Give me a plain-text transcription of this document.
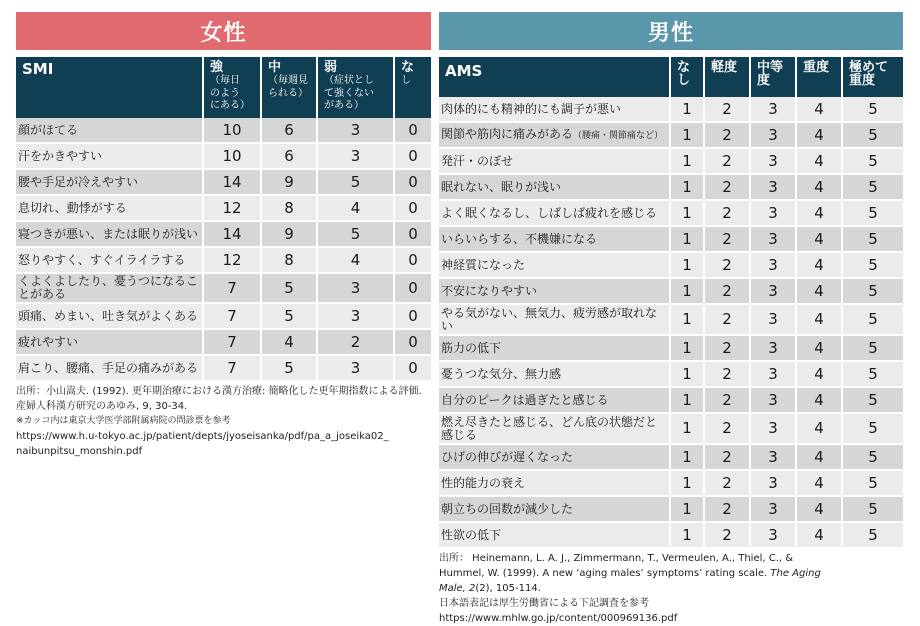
女性
SMI	強
（毎日
のよう
にある）	中
（毎週見
られる）	弱
（症状とし
て強くない
がある）	な
し

顔がほてる	10	6	3	0
汗をかきやすい	10	6	3	0
腰や手足が冷えやすい	14	9	5	0
息切れ、動悸がする	12	8	4	0
寝つきが悪い、または眠りが浅い	14	9	5	0
怒りやすく、すぐイライラする	12	8	4	0
くよくよしたり、憂うつになることがある	7	5	3	0
頭痛、めまい、吐き気がよくある	7	5	3	0
疲れやすい	7	4	2	0
肩こり、腰痛、手足の痛みがある	7	5	3	0
出所：小山嵩夫. (1992). 更年期治療における漢方治療: 簡略化した更年期指数による評価.
産婦人科漢方研究のあゆみ, 9, 30-34.
※カッコ内は東京大学医学部附属病院の問診票を参考
https://www.h.u-tokyo.ac.jp/patient/depts/jyoseisanka/pdf/pa_a_joseika02_
naibunpitsu_monshin.pdf
男性
AMS	な
し	軽度	中等
度	重度	極めて
重度

肉体的にも精神的にも調子が悪い	1	2	3	4	5
関節や筋肉に痛みがある（腰痛・関節痛など）	1	2	3	4	5
発汗・のぼせ	1	2	3	4	5
眠れない、眠りが浅い	1	2	3	4	5
よく眠くなるし、しばしば疲れを感じる	1	2	3	4	5
いらいらする、不機嫌になる	1	2	3	4	5
神経質になった	1	2	3	4	5
不安になりやすい	1	2	3	4	5
やる気がない、無気力、疲労感が取れない	1	2	3	4	5
筋力の低下	1	2	3	4	5
憂うつな気分、無力感	1	2	3	4	5
自分のピークは過ぎたと感じる	1	2	3	4	5
燃え尽きたと感じる、どん底の状態だと感じる	1	2	3	4	5
ひげの伸びが遅くなった	1	2	3	4	5
性的能力の衰え	1	2	3	4	5
朝立ちの回数が減少した	1	2	3	4	5
性欲の低下	1	2	3	4	5
出所： Heinemann, L. A. J., Zimmermann, T., Vermeulen, A., Thiel, C., &
Hummel, W. (1999). A new ‘aging males’ symptoms’ rating scale. The Aging
Male, 2(2), 105-114.
日本語表記は厚生労働省による下記調査を参考
https://www.mhlw.go.jp/content/000969136.pdf
